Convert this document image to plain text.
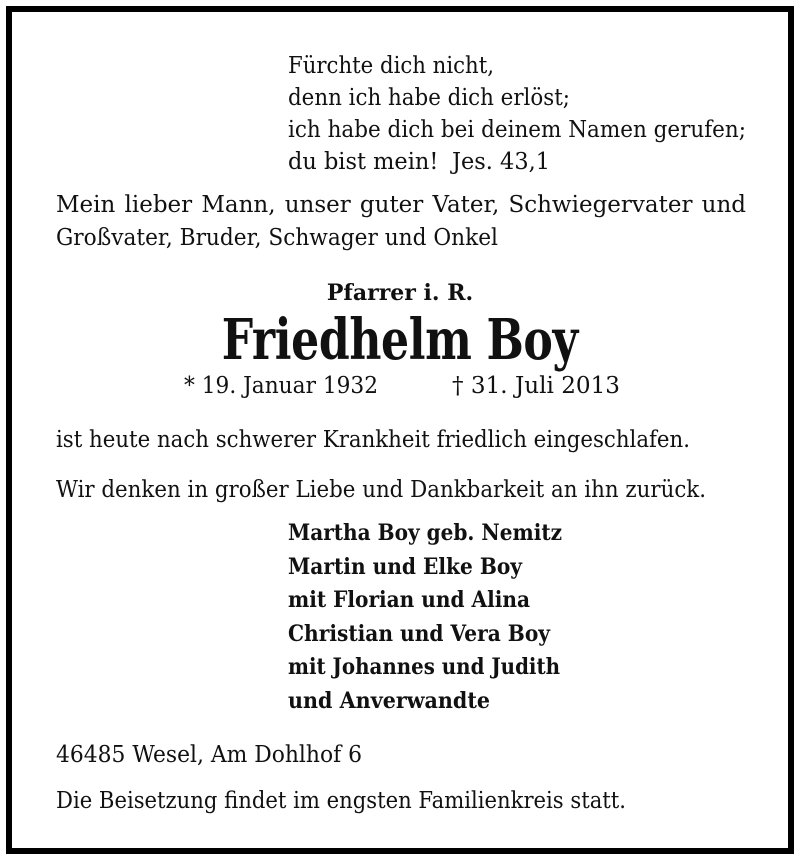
Fürchte dich nicht,
denn ich habe dich erlöst;
ich habe dich bei deinem Namen gerufen;
du bist mein! Jes. 43,1
Mein lieber Mann, unser guter Vater, Schwiegervater und
Großvater, Bruder, Schwager und Onkel
Pfarrer i. R.
Friedhelm Boy
* 19. Januar 1932	† 31. Juli 2013
ist heute nach schwerer Krankheit friedlich eingeschlafen.
Wir denken in großer Liebe und Dankbarkeit an ihn zurück.
Martha Boy geb. Nemitz
Martin und Elke Boy
mit Florian und Alina
Christian und Vera Boy
mit Johannes und Judith
und Anverwandte
46485 Wesel, Am Dohlhof 6
Die Beisetzung findet im engsten Familienkreis statt.
